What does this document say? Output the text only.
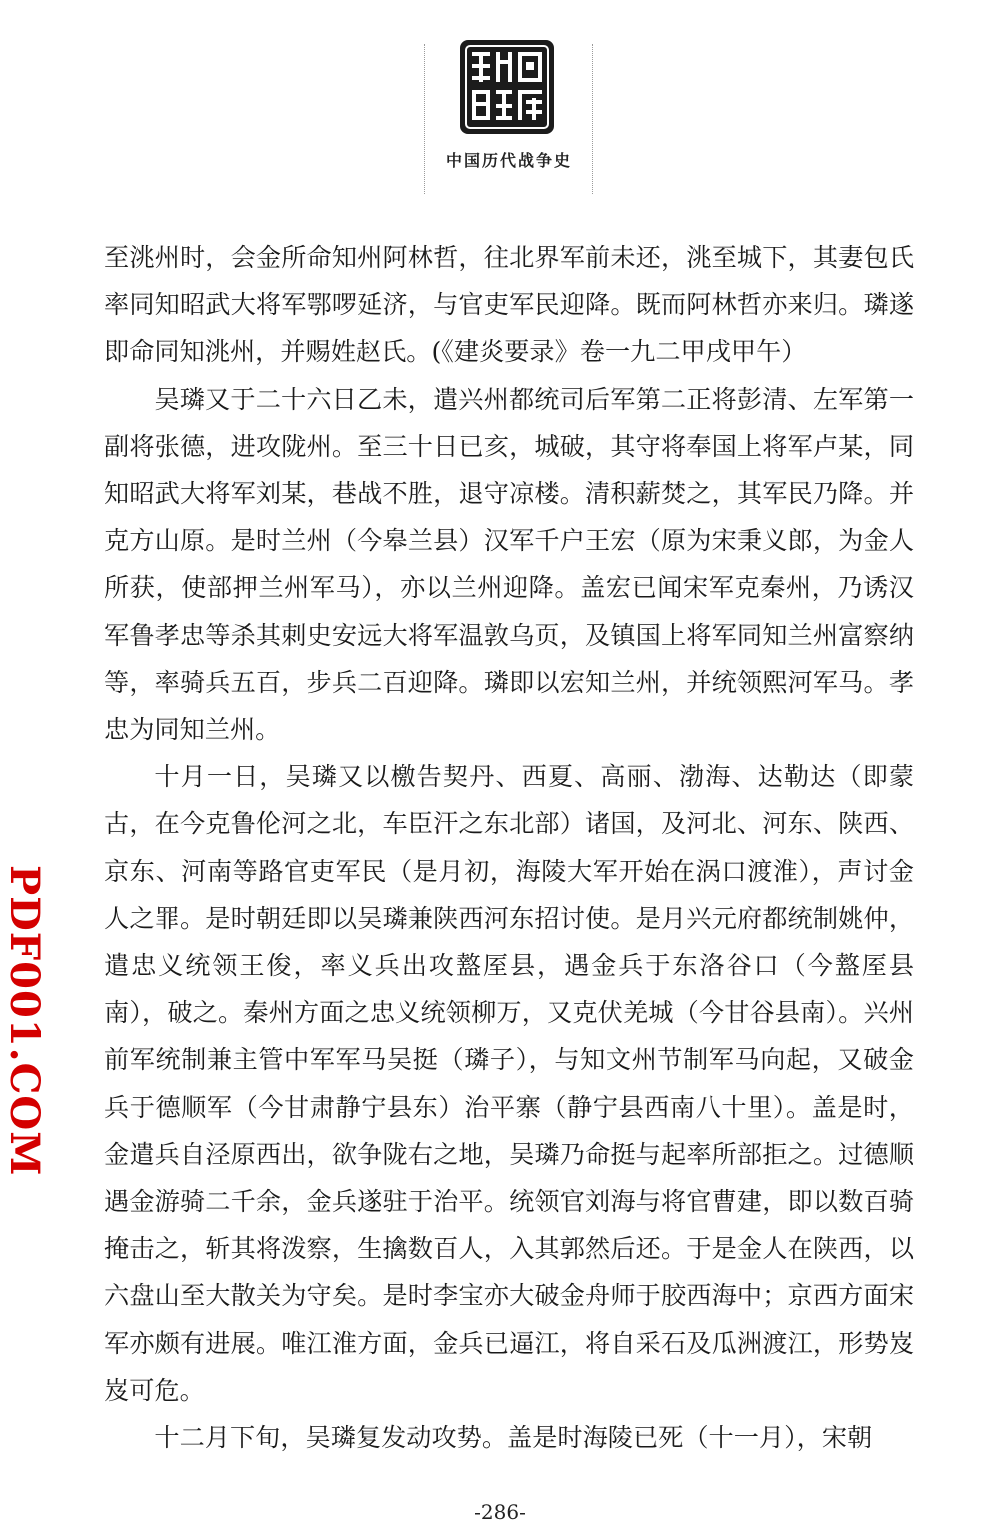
中国历代战争史

至洮州时，会金所命知州阿林哲，往北界军前未还，洮至城下，其妻包氏率同知昭武大将军鄂啰延济，与官吏军民迎降。既而阿林哲亦来归。璘遂即命同知洮州，并赐姓赵氏。(《建炎要录》卷一九二甲戌甲午）

吴璘又于二十六日乙未，遣兴州都统司后军第二正将彭清、左军第一副将张德，进攻陇州。至三十日已亥，城破，其守将奉国上将军卢某，同知昭武大将军刘某，巷战不胜，退守凉楼。清积薪焚之，其军民乃降。并克方山原。是时兰州（今皋兰县）汉军千户王宏（原为宋秉义郎，为金人所获，使部押兰州军马），亦以兰州迎降。盖宏已闻宋军克秦州，乃诱汉军鲁孝忠等杀其刺史安远大将军温敦乌页，及镇国上将军同知兰州富察纳等，率骑兵五百，步兵二百迎降。璘即以宏知兰州，并统领熙河军马。孝忠为同知兰州。

十月一日，吴璘又以檄告契丹、西夏、高丽、渤海、达勒达（即蒙古，在今克鲁伦河之北，车臣汗之东北部）诸国，及河北、河东、陕西、京东、河南等路官吏军民（是月初，海陵大军开始在涡口渡淮），声讨金人之罪。是时朝廷即以吴璘兼陕西河东招讨使。是月兴元府都统制姚仲，遣忠义统领王俊，率义兵出攻盩厔县，遇金兵于东洛谷口（今盩厔县南），破之。秦州方面之忠义统领柳万，又克伏羌城（今甘谷县南）。兴州前军统制兼主管中军军马吴挺（璘子），与知文州节制军马向起，又破金兵于德顺军（今甘肃静宁县东）治平寨（静宁县西南八十里）。盖是时，金遣兵自泾原西出，欲争陇右之地，吴璘乃命挺与起率所部拒之。过德顺遇金游骑二千余，金兵遂驻于治平。统领官刘海与将官曹建，即以数百骑掩击之，斩其将泼察，生擒数百人，入其郭然后还。于是金人在陕西，以六盘山至大散关为守矣。是时李宝亦大破金舟师于胶西海中；京西方面宋军亦颇有进展。唯江淮方面，金兵已逼江，将自采石及瓜洲渡江，形势岌岌可危。

十二月下旬，吴璘复发动攻势。盖是时海陵已死（十一月），宋朝

PDF001.COM
-286-
